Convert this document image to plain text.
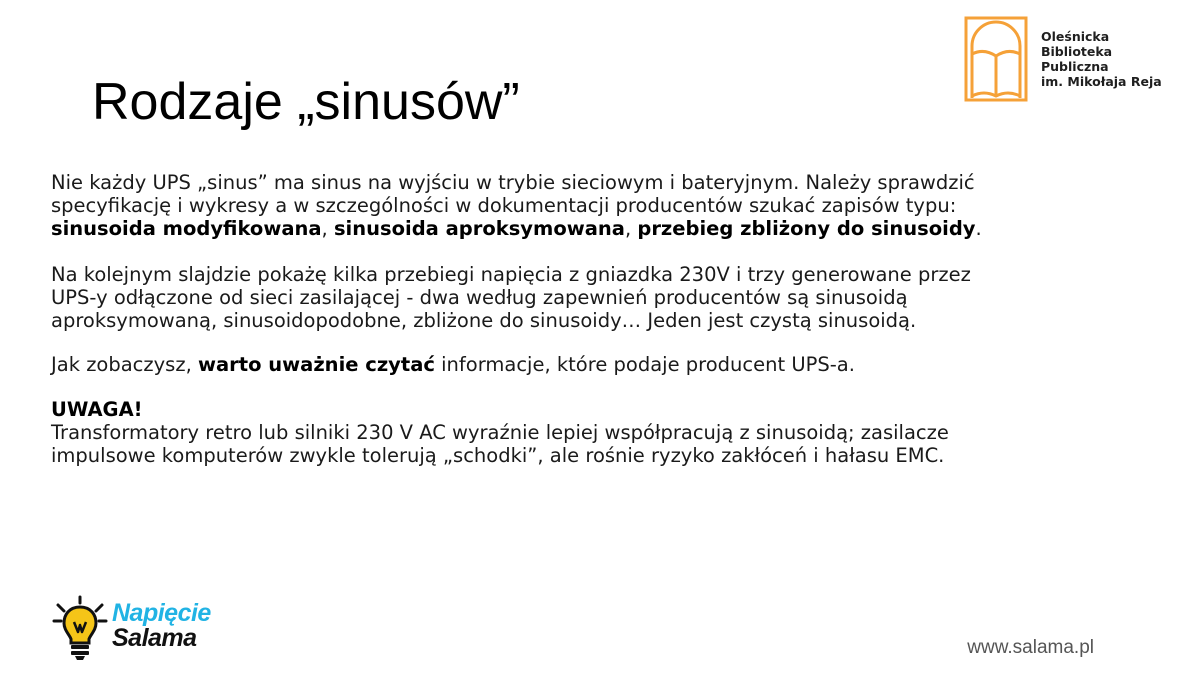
Rodzaje „sinusów”
Oleśnicka
Biblioteka
Publiczna
im. Mikołaja Reja

Nie każdy UPS „sinus” ma sinus na wyjściu w trybie sieciowym i bateryjnym. Należy sprawdzić
specyfikację i wykresy a w szczególności w dokumentacji producentów szukać zapisów typu:
sinusoida modyfikowana, sinusoida aproksymowana, przebieg zbliżony do sinusoidy.

Na kolejnym slajdzie pokażę kilka przebiegi napięcia z gniazdka 230V i trzy generowane przez
UPS-y odłączone od sieci zasilającej - dwa według zapewnień producentów są sinusoidą
aproksymowaną, sinusoidopodobne, zbliżone do sinusoidy… Jeden jest czystą sinusoidą.

Jak zobaczysz, warto uważnie czytać informacje, które podaje producent UPS-a.

UWAGA!
Transformatory retro lub silniki 230 V AC wyraźnie lepiej współpracują z sinusoidą; zasilacze
impulsowe komputerów zwykle tolerują „schodki”, ale rośnie ryzyko zakłóceń i hałasu EMC.

Napięcie
Salama	www.salama.pl
